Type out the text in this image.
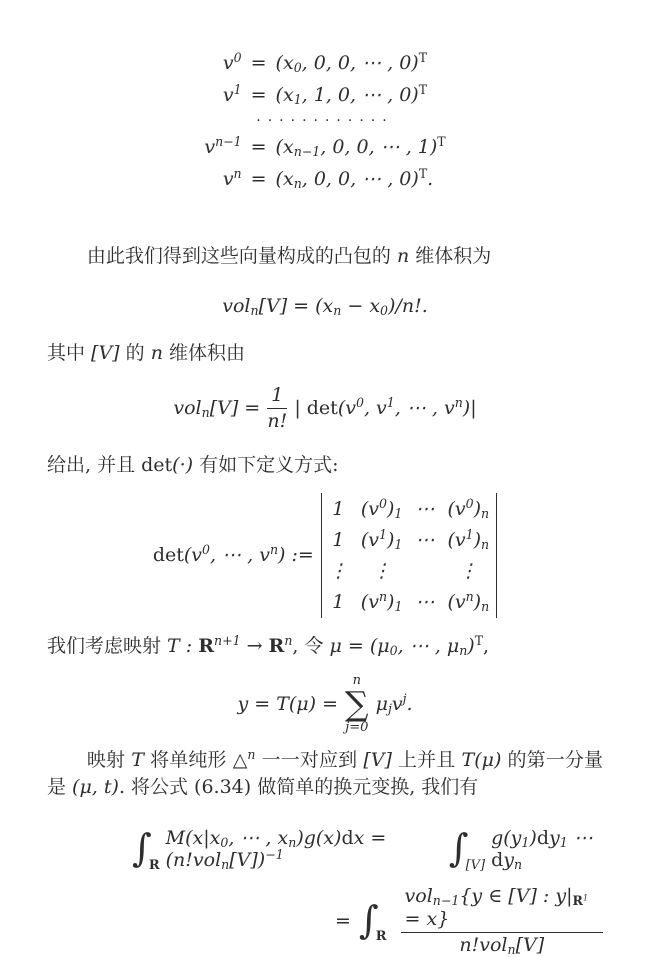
$v^0 = (x_0$, 0, 0, ⋯ , 0)$^T$
$v^1 = (x_1$, 1, 0, ⋯ , 0)$^T$
············
$v^{n-1} = (x_{n-1}$, 0, 0, ⋯ , 1)$^T$
$v^n = (x_n$, 0, 0, ⋯ , 0)$^T$.

由此我们得到这些向量构成的凸包的 n 维体积为

$vol_n[V] = (x_n - x_0)/n$!.

其中 [V] 的 n 维体积由

$vol_n[V] = \frac{1}{n!}$ | $\det(v^0$, $v^1$, ⋯ , $v^n)|$

给出, 并且 det(·) 有如下定义方式:

$\det(v^0$, ⋯ , $v^n$) :=
1 $(v^0)_1$ ⋯ $(v^0)_n$
1 $(v^1)_1$ ⋯ $(v^1)_n$
⋮ ⋮	⋮
1 $(v^n)_1$ ⋯ $(v^n)_n$

我们考虑映射 T : $R^{n+1} \to R^n$, 令 $\mu = (\mu_0$, ⋯ , $\mu_n)^T$,

y = T(μ) =
n
∑
j=0
$\mu_jv^j$.

映射 T 将单纯形 △$^n$ 一一对应到 [V] 上并且 T(μ) 的第一分量是 (μ, t). 将公式 (6.34) 做简单的换元变换, 我们有

∫
R
$M(x|x_0$, ⋯ , $x_n)g(x)dx = (n!vol_n[V])^{-1}$	∫
[V]
$g(y_1)dy_1$ ⋯ $dy_n$
= ∫
R $\frac{vol_{n-1}\{y \in [V] : y|_{R^1} = x\}}{n!vol_n[V]}$
